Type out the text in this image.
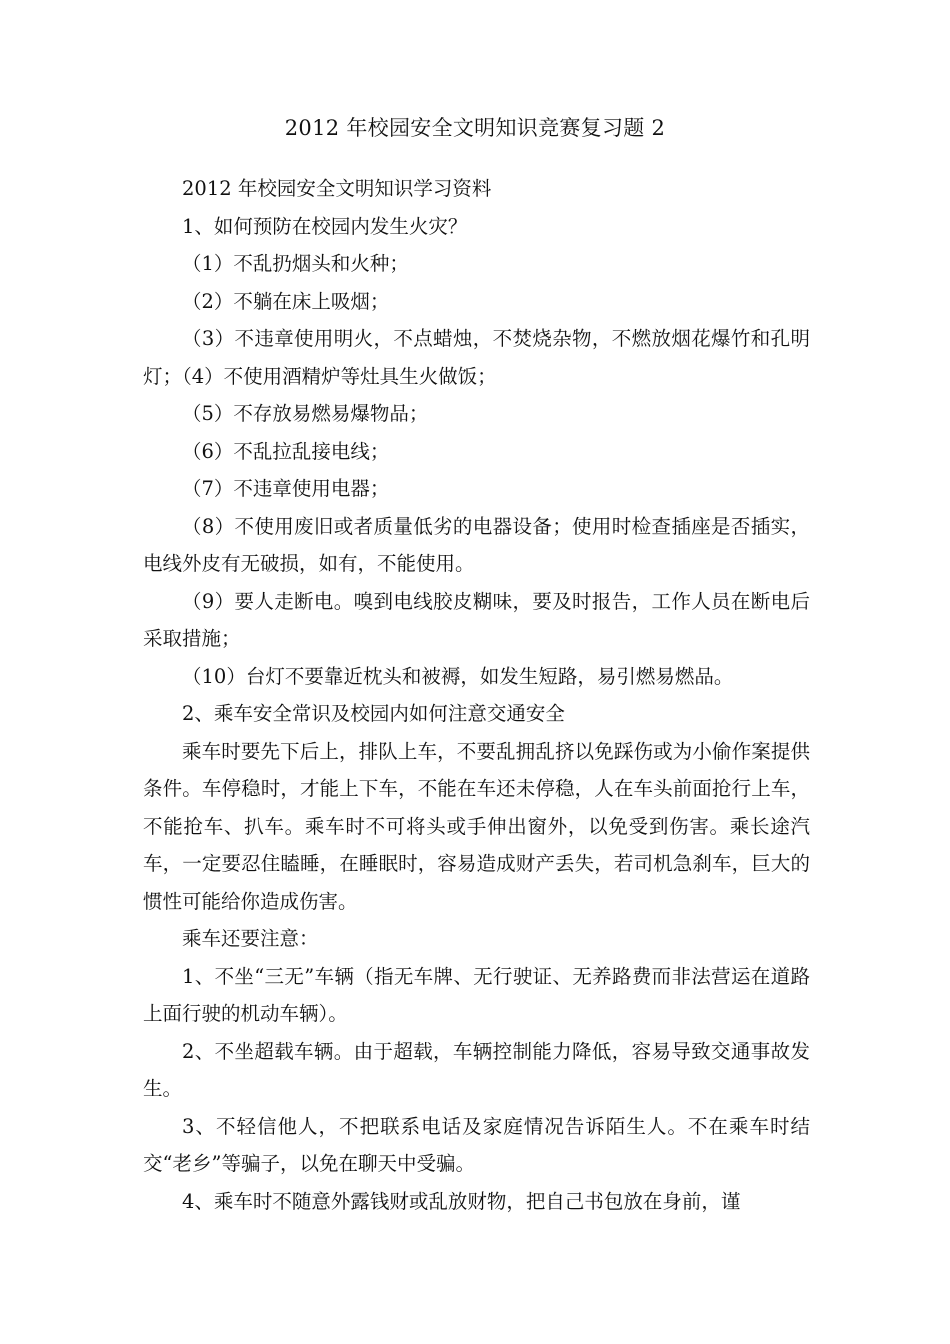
2012 年校园安全文明知识竞赛复习题 2

2012 年校园安全文明知识学习资料

1、如何预防在校园内发生火灾？

（1）不乱扔烟头和火种；

（2）不躺在床上吸烟；

（3）不违章使用明火，不点蜡烛，不焚烧杂物，不燃放烟花爆竹和孔明灯；（4）不使用酒精炉等灶具生火做饭；

（5）不存放易燃易爆物品；

（6）不乱拉乱接电线；

（7）不违章使用电器；

（8）不使用废旧或者质量低劣的电器设备；使用时检查插座是否插实，电线外皮有无破损，如有，不能使用。

（9）要人走断电。嗅到电线胶皮糊味，要及时报告，工作人员在断电后采取措施；

（10）台灯不要靠近枕头和被褥，如发生短路，易引燃易燃品。

2、乘车安全常识及校园内如何注意交通安全

乘车时要先下后上，排队上车，不要乱拥乱挤以免踩伤或为小偷作案提供条件。车停稳时，才能上下车，不能在车还未停稳，人在车头前面抢行上车，不能抢车、扒车。乘车时不可将头或手伸出窗外，以免受到伤害。乘长途汽车，一定要忍住瞌睡，在睡眠时，容易造成财产丢失，若司机急刹车，巨大的惯性可能给你造成伤害。

乘车还要注意：

1、不坐“三无”车辆（指无车牌、无行驶证、无养路费而非法营运在道路上面行驶的机动车辆）。

2、不坐超载车辆。由于超载，车辆控制能力降低，容易导致交通事故发生。

3、不轻信他人，不把联系电话及家庭情况告诉陌生人。不在乘车时结交“老乡”等骗子，以免在聊天中受骗。

4、乘车时不随意外露钱财或乱放财物，把自己书包放在身前，谨
